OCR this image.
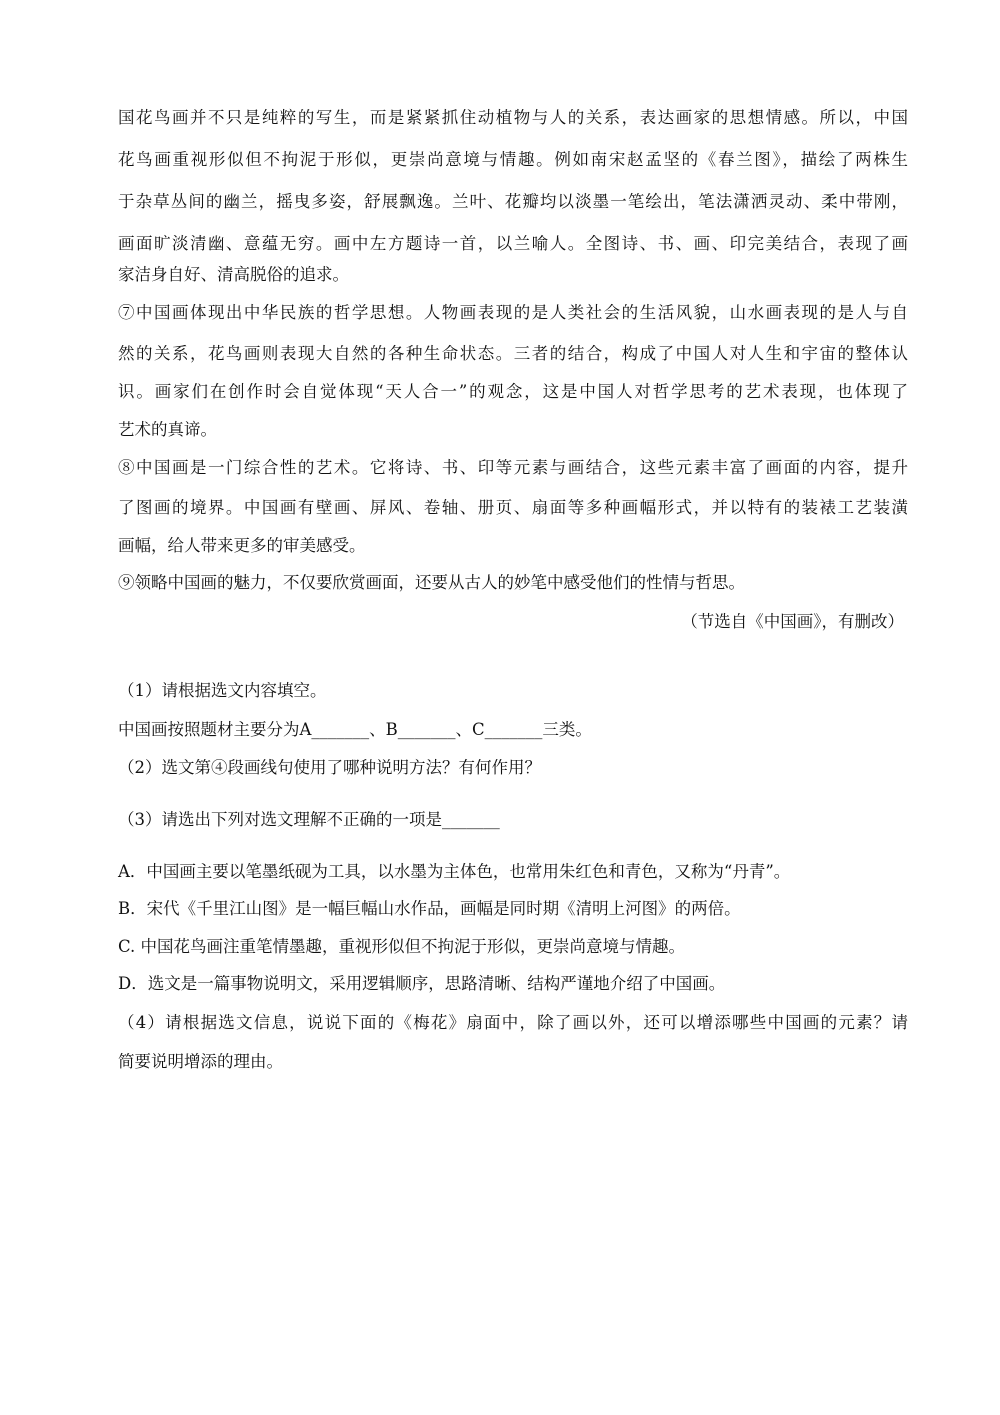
国花鸟画并不只是纯粹的写生，而是紧紧抓住动植物与人的关系，表达画家的思想情感。所以，中国
花鸟画重视形似但不拘泥于形似，更崇尚意境与情趣。例如南宋赵孟坚的《春兰图》，描绘了两株生
于杂草丛间的幽兰，摇曳多姿，舒展飘逸。兰叶、花瓣均以淡墨一笔绘出，笔法潇洒灵动、柔中带刚，
画面旷淡清幽、意蕴无穷。画中左方题诗一首，以兰喻人。全图诗、书、画、印完美结合，表现了画
家洁身自好、清高脱俗的追求。
⑦中国画体现出中华民族的哲学思想。人物画表现的是人类社会的生活风貌，山水画表现的是人与自
然的关系，花鸟画则表现大自然的各种生命状态。三者的结合，构成了中国人对人生和宇宙的整体认
识。画家们在创作时会自觉体现“天人合一”的观念，这是中国人对哲学思考的艺术表现，也体现了
艺术的真谛。
⑧中国画是一门综合性的艺术。它将诗、书、印等元素与画结合，这些元素丰富了画面的内容，提升
了图画的境界。中国画有壁画、屏风、卷轴、册页、扇面等多种画幅形式，并以特有的装裱工艺装潢
画幅，给人带来更多的审美感受。
⑨领略中国画的魅力，不仅要欣赏画面，还要从古人的妙笔中感受他们的性情与哲思。
（节选自《中国画》，有删改）
（1）请根据选文内容填空。
中国画按照题材主要分为A_______、B_______、C_______三类。
（2）选文第④段画线句使用了哪种说明方法？有何作用？
（3）请选出下列对选文理解不正确的一项是_______
A．中国画主要以笔墨纸砚为工具，以水墨为主体色，也常用朱红色和青色，又称为“丹青”。
B．宋代《千里江山图》是一幅巨幅山水作品，画幅是同时期《清明上河图》的两倍。
C. 中国花鸟画注重笔情墨趣，重视形似但不拘泥于形似，更崇尚意境与情趣。
D．选文是一篇事物说明文，采用逻辑顺序，思路清晰、结构严谨地介绍了中国画。
（4）请根据选文信息，说说下面的《梅花》扇面中，除了画以外，还可以增添哪些中国画的元素？请
简要说明增添的理由。
